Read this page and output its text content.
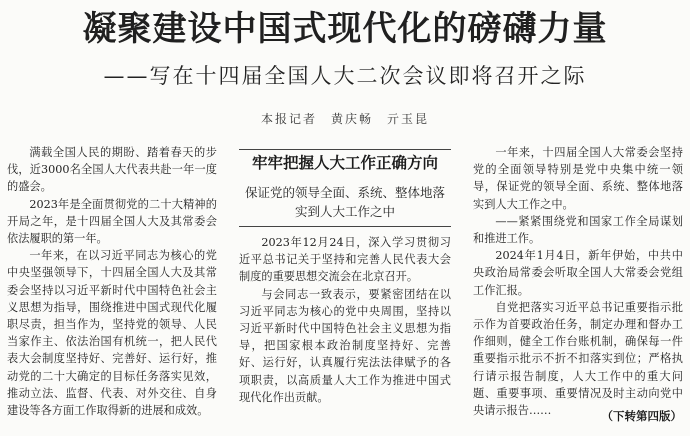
凝聚建设中国式现代化的磅礴力量
——写在十四届全国人大二次会议即将召开之际
本报记者　黄庆畅　亓玉昆

满载全国人民的期盼、踏着春天的步伐，近3000名全国人大代表共赴一年一度的盛会。

2023年是全面贯彻党的二十大精神的开局之年，是十四届全国人大及其常委会依法履职的第一年。

一年来，在以习近平同志为核心的党中央坚强领导下，十四届全国人大及其常委会坚持以习近平新时代中国特色社会主义思想为指导，围绕推进中国式现代化履职尽责，担当作为，坚持党的领导、人民当家作主、依法治国有机统一，把人民代表大会制度坚持好、完善好、运行好，推动党的二十大确定的目标任务落实见效，推动立法、监督、代表、对外交往、自身建设等各方面工作取得新的进展和成效。

牢牢把握人大工作正确方向
保证党的领导全面、系统、整体地落实到人大工作之中

2023年12月24日，深入学习贯彻习近平总书记关于坚持和完善人民代表大会制度的重要思想交流会在北京召开。

与会同志一致表示，要紧密团结在以习近平同志为核心的党中央周围，坚持以习近平新时代中国特色社会主义思想为指导，把国家根本政治制度坚持好、完善好、运行好，认真履行宪法法律赋予的各项职责，以高质量人大工作为推进中国式现代化作出贡献。

一年来，十四届全国人大常委会坚持党的全面领导特别是党中央集中统一领导，保证党的领导全面、系统、整体地落实到人大工作之中。

——紧紧围绕党和国家工作全局谋划和推进工作。

2024年1月4日，新年伊始，中共中央政治局常委会听取全国人大常委会党组工作汇报。

自党把落实习近平总书记重要指示批示作为首要政治任务，制定办理和督办工作细则，健全工作台账机制，确保每一件重要指示批示不折不扣落实到位；严格执行请示报告制度，人大工作中的重大问题、重要事项、重要情况及时主动向党中央请示报告……	（下转第四版）
